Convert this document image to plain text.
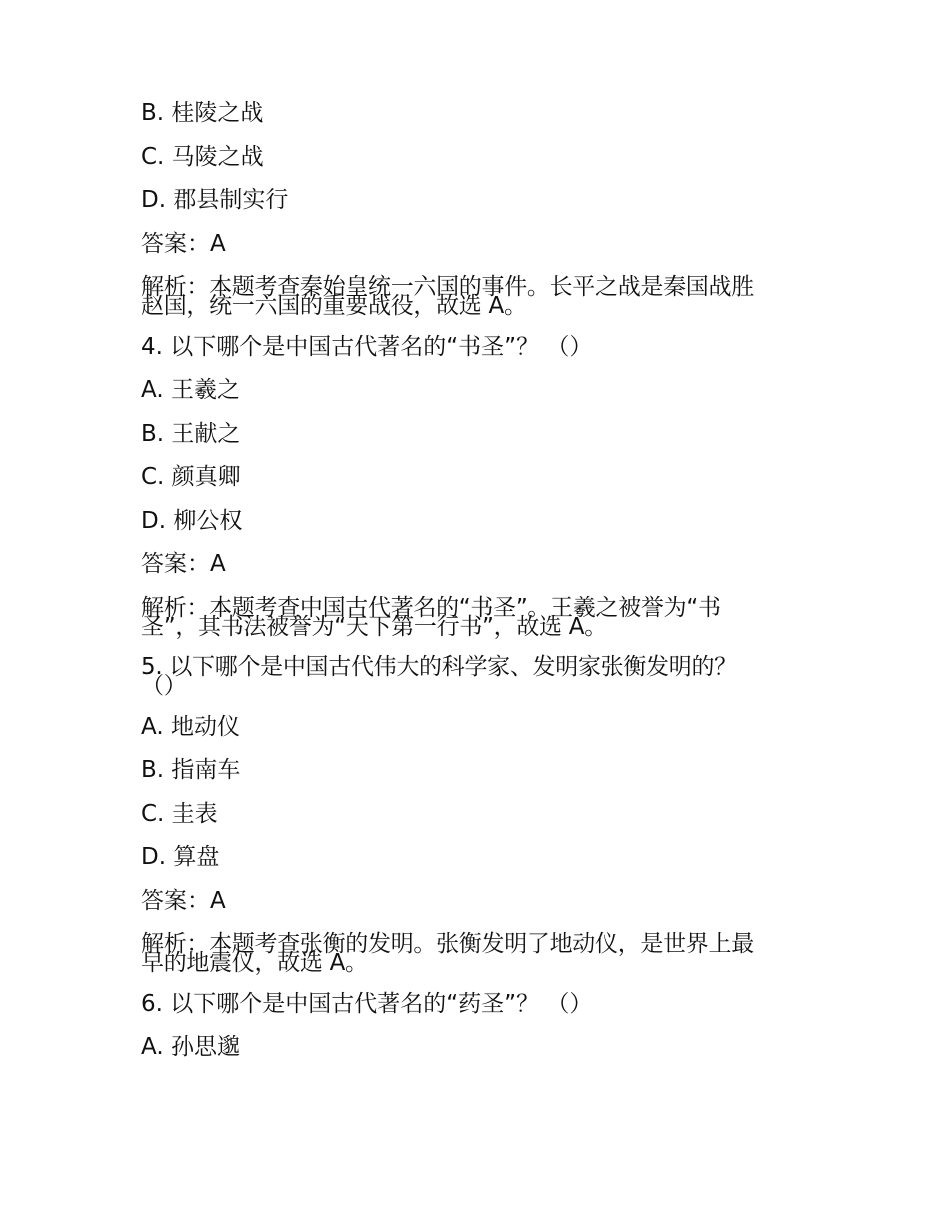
B. 桂陵之战
C. 马陵之战
D. 郡县制实行
答案：A
解析：本题考查秦始皇统一六国的事件。长平之战是秦国战胜
赵国，统一六国的重要战役，故选 A。
4. 以下哪个是中国古代著名的“书圣”？ （）
A. 王羲之
B. 王献之
C. 颜真卿
D. 柳公权
答案：A
解析：本题考查中国古代著名的“书圣”。王羲之被誉为“书
圣”，其书法被誉为“天下第一行书”，故选 A。
5. 以下哪个是中国古代伟大的科学家、发明家张衡发明的？
（）
A. 地动仪
B. 指南车
C. 圭表
D. 算盘
答案：A
解析：本题考查张衡的发明。张衡发明了地动仪，是世界上最
早的地震仪，故选 A。
6. 以下哪个是中国古代著名的“药圣”？ （）
A. 孙思邈
